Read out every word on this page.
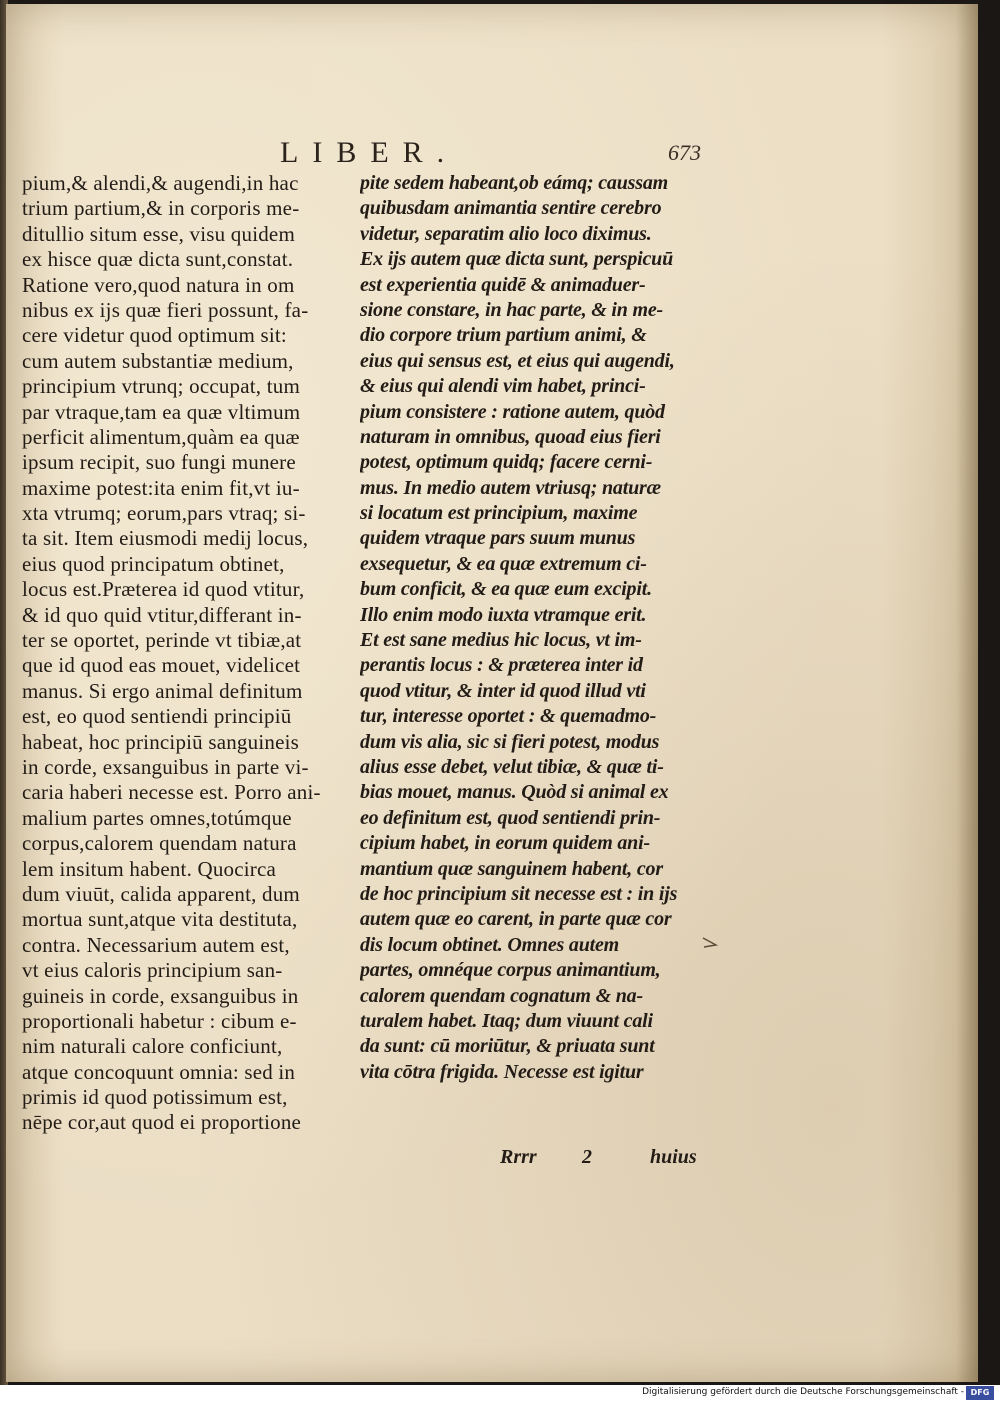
LIBER.	673
pium,& alendi,& augendi,in hac
trium partium,& in corporis me-
ditullio situm esse, visu quidem
ex hisce quæ dicta sunt,constat.
Ratione vero,quod natura in om
nibus ex ijs quæ fieri possunt, fa-
cere videtur quod optimum sit:
cum autem substantiæ medium,
principium vtrunq; occupat, tum
par vtraque,tam ea quæ vltimum
perficit alimentum,quàm ea quæ
ipsum recipit, suo fungi munere
maxime potest:ita enim fit,vt iu-
xta vtrumq; eorum,pars vtraq; si-
ta sit. Item eiusmodi medij locus,
eius quod principatum obtinet,
locus est.Præterea id quod vtitur,
& id quo quid vtitur,differant in-
ter se oportet, perinde vt tibiæ,at
que id quod eas mouet, videlicet
manus. Si ergo animal definitum
est, eo quod sentiendi principiū
habeat, hoc principiū sanguineis
in corde, exsanguibus in parte vi-
caria haberi necesse est. Porro ani-
malium partes omnes,totúmque
corpus,calorem quendam natura
lem insitum habent. Quocirca
dum viuūt, calida apparent, dum
mortua sunt,atque vita destituta,
contra. Necessarium autem est,
vt eius caloris principium san-
guineis in corde, exsanguibus in
proportionali habetur : cibum e-
nim naturali calore conficiunt,
atque concoquunt omnia: sed in
primis id quod potissimum est,
nēpe cor,aut quod ei proportione
pite sedem habeant,ob eámq; caussam
quibusdam animantia sentire cerebro
videtur, separatim alio loco diximus.
Ex ijs autem quæ dicta sunt, perspicuū
est experientia quidē & animaduer-
sione constare, in hac parte, & in me-
dio corpore trium partium animi, &
eius qui sensus est, et eius qui augendi,
& eius qui alendi vim habet, princi-
pium consistere : ratione autem, quòd
naturam in omnibus, quoad eius fieri
potest, optimum quidq; facere cerni-
mus. In medio autem vtriusq; naturæ
si locatum est principium, maxime
quidem vtraque pars suum munus
exsequetur, & ea quæ extremum ci-
bum conficit, & ea quæ eum excipit.
Illo enim modo iuxta vtramque erit.
Et est sane medius hic locus, vt im-
perantis locus : & præterea inter id
quod vtitur, & inter id quod illud vti
tur, interesse oportet : & quemadmo-
dum vis alia, sic si fieri potest, modus
alius esse debet, velut tibiæ, & quæ ti-
bias mouet, manus. Quòd si animal ex
eo definitum est, quod sentiendi prin-
cipium habet, in eorum quidem ani-
mantium quæ sanguinem habent, cor
de hoc principium sit necesse est : in ijs
autem quæ eo carent, in parte quæ cor
dis locum obtinet. Omnes autem
partes, omnéque corpus animantium,
calorem quendam cognatum & na-
turalem habet. Itaq; dum viuunt cali
da sunt: cū moriūtur, & priuata sunt
vita cōtra frigida. Necesse est igitur
Rrrr 2	huius
Digitalisierung gefördert durch die Deutsche Forschungsgemeinschaft - DFG
